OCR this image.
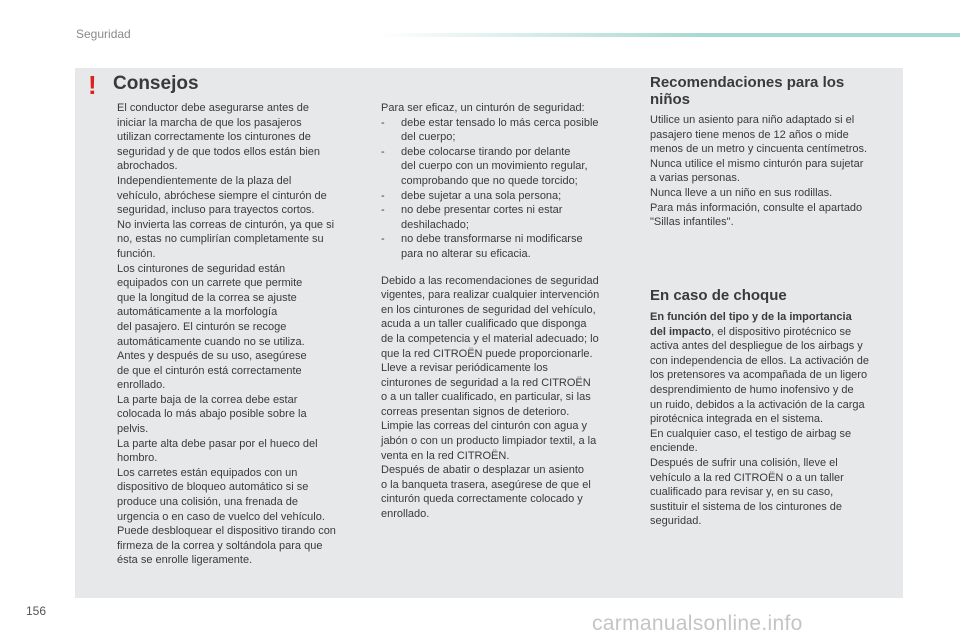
Seguridad
! Consejos

El conductor debe asegurarse antes de

iniciar la marcha de que los pasajeros

utilizan correctamente los cinturones de

seguridad y de que todos ellos están bien

abrochados.

Independientemente de la plaza del

vehículo, abróchese siempre el cinturón de

seguridad, incluso para trayectos cortos.

No invierta las correas de cinturón, ya que si

no, estas no cumplirían completamente su

función.

Los cinturones de seguridad están

equipados con un carrete que permite

que la longitud de la correa se ajuste

automáticamente a la morfología

del pasajero. El cinturón se recoge

automáticamente cuando no se utiliza.

Antes y después de su uso, asegúrese

de que el cinturón está correctamente

enrollado.

La parte baja de la correa debe estar

colocada lo más abajo posible sobre la

pelvis.

La parte alta debe pasar por el hueco del

hombro.

Los carretes están equipados con un

dispositivo de bloqueo automático si se

produce una colisión, una frenada de

urgencia o en caso de vuelco del vehículo.

Puede desbloquear el dispositivo tirando con

firmeza de la correa y soltándola para que

ésta se enrolle ligeramente.

Para ser eficaz, un cinturón de seguridad:

- debe estar tensado lo más cerca posible
del cuerpo;
- debe colocarse tirando por delante
del cuerpo con un movimiento regular,
comprobando que no quede torcido;
- debe sujetar a una sola persona;
- no debe presentar cortes ni estar
deshilachado;
- no debe transformarse ni modificarse
para no alterar su eficacia.

Debido a las recomendaciones de seguridad

vigentes, para realizar cualquier intervención

en los cinturones de seguridad del vehículo,

acuda a un taller cualificado que disponga

de la competencia y el material adecuado; lo

que la red CITROËN puede proporcionarle.

Lleve a revisar periódicamente los

cinturones de seguridad a la red CITROËN

o a un taller cualificado, en particular, si las

correas presentan signos de deterioro.

Limpie las correas del cinturón con agua y

jabón o con un producto limpiador textil, a la

venta en la red CITROËN.

Después de abatir o desplazar un asiento

o la banqueta trasera, asegúrese de que el

cinturón queda correctamente colocado y

enrollado.

Recomendaciones para los

niños

Utilice un asiento para niño adaptado si el

pasajero tiene menos de 12 años o mide

menos de un metro y cincuenta centímetros.

Nunca utilice el mismo cinturón para sujetar

a varias personas.

Nunca lleve a un niño en sus rodillas.

Para más información, consulte el apartado

"Sillas infantiles".

En caso de choque

En función del tipo y de la importancia

del impacto, el dispositivo pirotécnico se

activa antes del despliegue de los airbags y

con independencia de ellos. La activación de

los pretensores va acompañada de un ligero

desprendimiento de humo inofensivo y de

un ruido, debidos a la activación de la carga

pirotécnica integrada en el sistema.

En cualquier caso, el testigo de airbag se

enciende.

Después de sufrir una colisión, lleve el

vehículo a la red CITROËN o a un taller

cualificado para revisar y, en su caso,

sustituir el sistema de los cinturones de

seguridad.

156
carmanualsonline.info
